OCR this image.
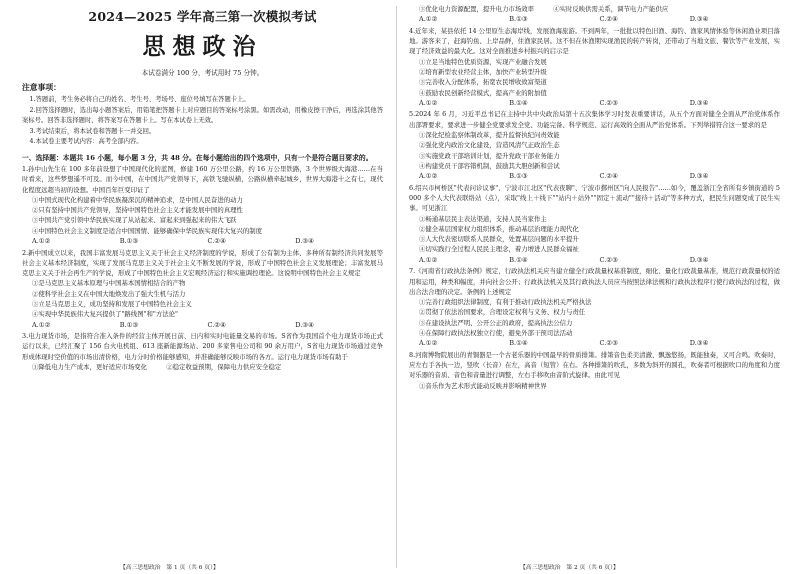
2024—2025 学年高三第一次模拟考试
思想政治
本试卷满分 100 分，考试用时 75 分钟。
注意事项：
1.答题前，考生务必将自己的姓名、考生号、考场号、座位号填写在答题卡上。
2.回答选择题时，选出每小题答案后，用铅笔把答题卡上对应题目的答案标号涂黑。如需改动，用橡皮擦干净后，再选涂其他答案标号。回答非选择题时，将答案写在答题卡上。写在本试卷上无效。
3.考试结束后，将本试卷和答题卡一并交回。
4.本试卷主要考试内容：高考全部内容。
一、选择题：本题共 16 小题，每小题 3 分，共 48 分。在每小题给出的四个选项中，只有一个是符合题目要求的。
1.孙中山先生在 100 多年前设想了中国现代化的蓝图，修建 160 万公里公路，约 16 万公里铁路，3 个世界级大海港……在当时看来，这些梦想遥不可及。而今中国，在中国共产党领导下，高铁飞驰纵横，公路纵横牵起城乡，世界大海港十之有七，现代化程度远超当初的设想。中国百年巨变印证了
①中国式现代化构建着中华民族凝深沉的精神追求，是中国人民奋进的动力
②只有坚持中国共产党领导，坚持中国特色社会主义才能发展中国的真理性
③中国共产党引领中华民族实现了从站起来、富起来到强起来的伟大飞跃
④中国特色社会主义制度是适合中国国情、能够确保中华民族实现伟大复兴的制度
A.①②	B.①③	C.②④	D.③④
2.新中国成立以来，我国丰富发展马克思主义关于社会主义经济制度的学说，形成了公有制为主体、多种所有制经济共同发展等社会主义基本经济制度，实现了发展马克思主义关于社会主义不断发展的学说，形成了中国特色社会主义发展理论；丰富发展马克思主义关于社会再生产的学说，形成了中国特色社会主义宏观经济运行和实施调控理论。这说明中国特色社会主义规定
①是马克思主义基本原理与中国基本国情相结合的产物
②使科学社会主义在中国大地焕发出了强大生机与活力
③立足马克思主义，成功坚持和发展了中国特色社会主义
④实现中华民族伟大复兴提供了"路线图"和"方法论"
A.①②	B.①③	C.②④	D.③④
3.电力现货市场，是指符合准入条件的经营主体开展日前、日内和实时电能量交易的市场。S省作为我国首个电力现货市场正式运行以来，已经汇聚了 156 台火电机组、613 座新能源场站、200 多家售电公司和 90 余万用户，S省电力现货市场通过竞争形成体现时空价值的市场出清价格，电力分时价格能够感知，并准确能够反映市场的各方。运行电力现货市场有助于
①降低电力生产成本，更好适应市场变化　　　②稳定收益预期，保障电力供应安全稳定
③优化电力资源配置，提升电力市场效率　　　④实时反映供需关系，调节电力产能供应
A.①②	B.①③	C.②④	D.③④
4.近年来，某县依托 14 公里原生态海岸线，发展渔海旅游。不到两年，一批批以特色旧渔、海钓、渔家风情体验等休闲渔业项目落地。游客来了，赶海钓鱼、上岸品鲜，住渔家民居。这不但在休渔期实现渔民的转产转岗，还带动了当地文旅、餐饮等产业发展，实现了经济效益的最大化。这对全面推进乡村振兴的启示是
①立足当地特色优质资源，实现产业融合发展
②培育新型农业经营主体，加快产业转型升级
③完善收入分配体系，拓宽农民增收致富渠道
④鼓励农民创新经营模式，提高产业的附加值
A.①②	B.①④	C.②③	D.③④
5.2024 年 6 月，习近平总书记在主持中共中央政治局第十五次集体学习时发表重要讲话，从五个方面对健全全面从严治党体系作出部署要求，要求进一步健全党要求发全党、功能完备、科学规范、运行高效的全面从严治党体系。下列举措符合这一要求的是
①深化纪检监察体制改革，提升监督执纪问责效能
②强化党内政治文化建设，营造风清气正政治生态
③实施党政干部培训计划，提升党政干部业务能力
④构建党员干部容错机制，鼓励其大胆创新和尝试
A.①②	B.①③	C.②④	D.③④
6.绍兴市柯桥区"代表问诊议事"、宁波市江北区"代表夜聊"、宁波市鄞州区"向人民报告"……如今，覆盖浙江全省所有乡镇街道的 5 000 多个人大代表联络站（点），采取"线上＋线下""站内＋站外""固定＋流动""接待＋活动"等多种方式，把民生问题变成了民生实事。可见浙江
①畅通基层民主表达渠道，支持人民当家作主
②健全基层国家权力组织体系，推动基层治理能力现代化
③人大代表密切联系人民群众，处置基层问题的水平提升
④切实践行全过程人民民主理念，着力增进人民群众福祉
A.①②	B.①④	C.②③	D.③④
7.《河南省行政执法条例》规定，行政执法机关应当建立健全行政裁量权基准制度，细化、量化行政裁量基准，规范行政裁量权的适用和运用，种类和幅度，并向社会公开；行政执法机关及其行政执法人员应当按照法律法规和行政执法程序行使行政执法的过程，做出合法合理的决定。条例的上述规定
①完善行政组织法律制度，有利于推动行政执法机关严格执法
②贯彻了依法治国要求，合理设定权利与义务、权力与责任
③在建设执法严明、公开公正的政府，提高执法公信力
④在保障行政执法权独立行使，避免外部干预司法活动
A.①②	B.①④	C.②③	D.③④
8.河南博物院展出的青铜器是一个古老乐器的中国最早的骨质排箫。排箫音色柔美清澈、飘逸悠扬，既能独奏，又可合鸣。吹奏时，应左右手各执一边，竖吹（长音）在左，高音（短管）在右。各种排箫的吹孔，多数为斜开的圆孔，吹奏者可根据吹口的角度和力度对乐器的音质、音色和音量进行调整，左右手移吹由音阶式旋律。由此可见
①音乐作为艺术形式能动反映并影响精神世界
【高三思想政治　第 1 页（共 6 页）】	【高三思想政治　第 2 页（共 6 页）】
